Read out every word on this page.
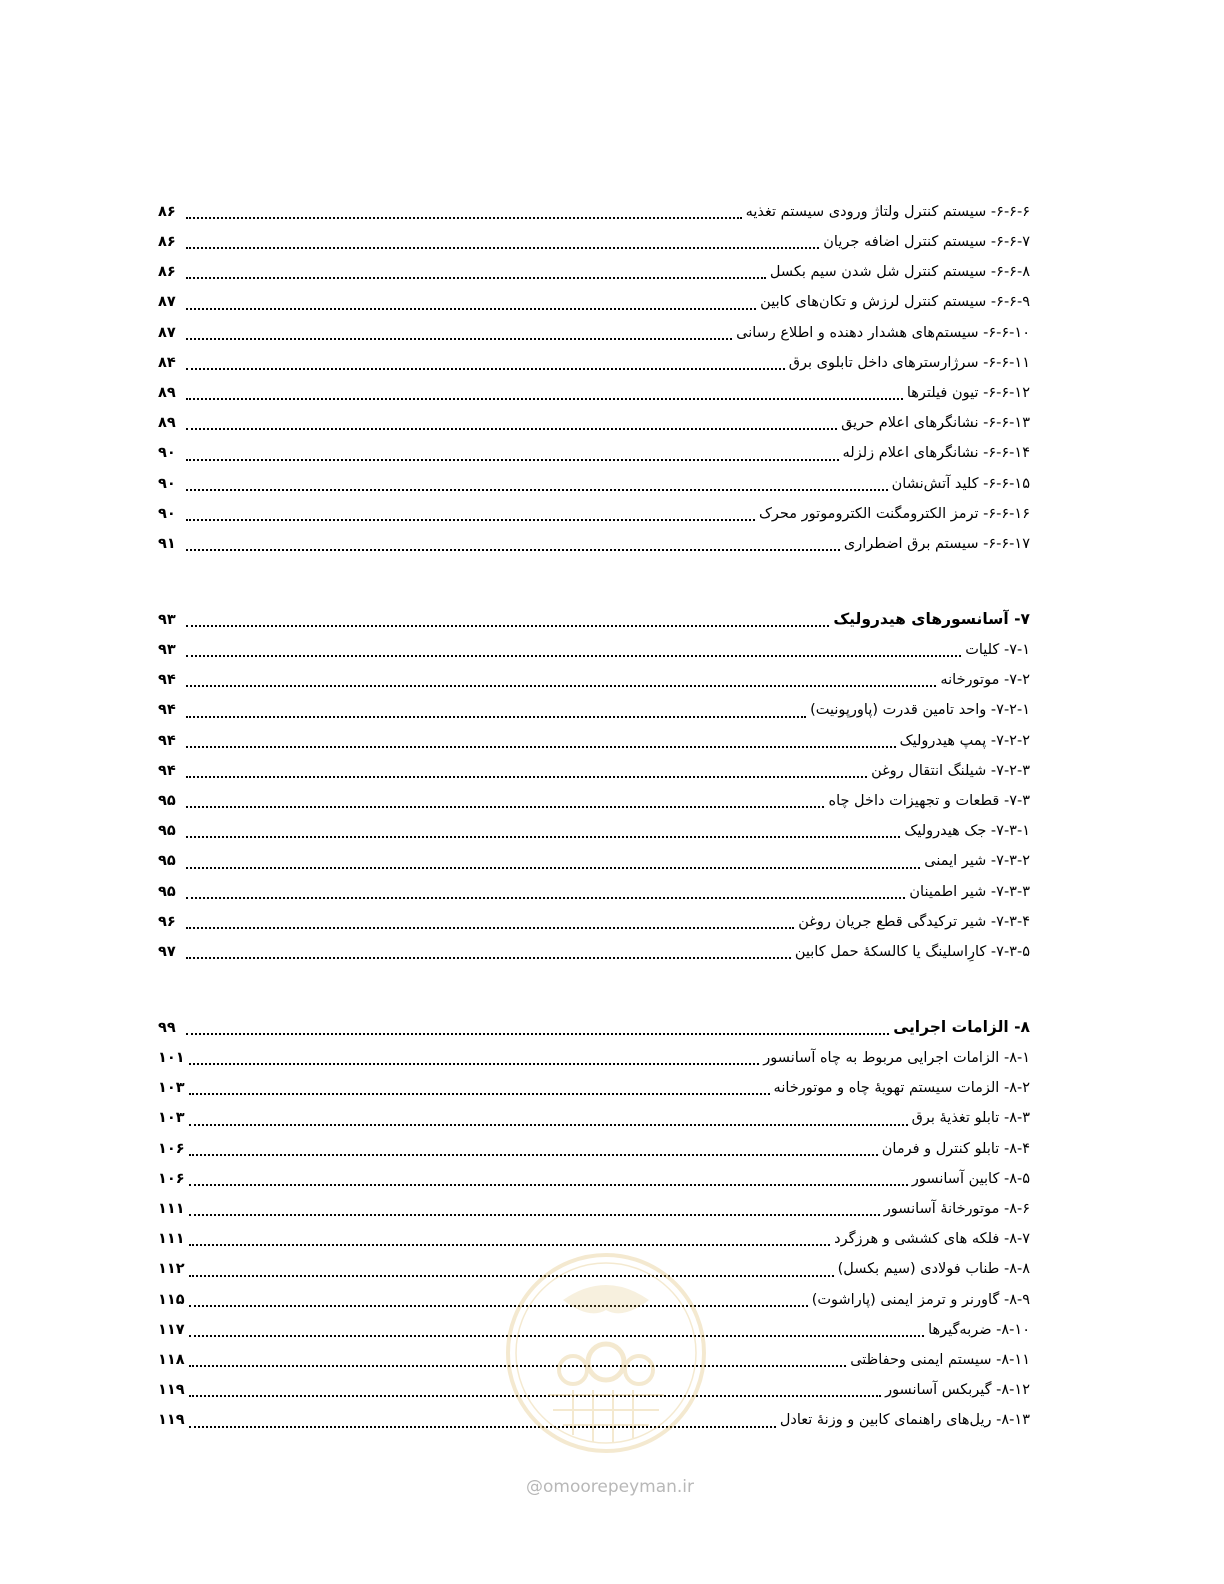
۶-۶-۶- سیستم کنترل ولتاژ ورودی سیستم تغذیه
۸۶
۶-۶-۷- سیستم کنترل اضافه جریان
۸۶
۶-۶-۸- سیستم کنترل شل شدن سیم بکسل
۸۶
۶-۶-۹- سیستم کنترل لرزش و تکان‌های کابین
۸۷
۶-۶-۱۰- سیستم‌های هشدار دهنده و اطلاع رسانی
۸۷
۶-۶-۱۱- سرژارسترهای داخل تابلوی برق
۸۴
۶-۶-۱۲- تیون فیلترها
۸۹
۶-۶-۱۳- نشانگرهای اعلام حریق
۸۹
۶-۶-۱۴- نشانگرهای اعلام زلزله
۹۰
۶-۶-۱۵- کلید آتش‌نشان
۹۰
۶-۶-۱۶- ترمز الکترومگنت الکتروموتور محرک
۹۰
۶-۶-۱۷- سیستم برق اضطراری
۹۱
۷- آسانسورهای هیدرولیک
۹۳
۷-۱- کلیات
۹۳
۷-۲- موتورخانه
۹۴
۷-۲-۱- واحد تامین قدرت (پاورپونیت)
۹۴
۷-۲-۲- پمپ هیدرولیک
۹۴
۷-۲-۳- شیلنگ انتقال روغن
۹۴
۷-۳- قطعات و تجهیزات داخل چاه
۹۵
۷-۳-۱- جک هیدرولیک
۹۵
۷-۳-۲- شیر ایمنی
۹۵
۷-۳-۳- شیر اطمینان
۹۵
۷-۳-۴- شیر ترکیدگی قطع جریان روغن
۹۶
۷-۳-۵- کارِاسلینگ یا کالسکهٔ حمل کابین
۹۷
۸- الزامات اجرایی
۹۹
۸-۱- الزامات اجرایی مربوط به چاه آسانسور
۱۰۱
۸-۲- الزمات سیستم تهویهٔ چاه و موتورخانه
۱۰۳
۸-۳- تابلو تغذیهٔ برق
۱۰۳
۸-۴- تابلو کنترل و فرمان
۱۰۶
۸-۵- کابین آسانسور
۱۰۶
۸-۶- موتورخانهٔ آسانسور
۱۱۱
۸-۷- فلکه های کششی و هرزگرد
۱۱۱
۸-۸- طناب فولادی (سیم بکسل)
۱۱۲
۸-۹- گاورنر و ترمز ایمنی (پاراشوت)
۱۱۵
۸-۱۰- ضربه‌گیرها
۱۱۷
۸-۱۱- سیستم ایمنی وحفاظتی
۱۱۸
۸-۱۲- گیربکس آسانسور
۱۱۹
۸-۱۳- ریل‌های راهنمای کابین و وزنهٔ تعادل
۱۱۹
@omoorepeyman.ir
